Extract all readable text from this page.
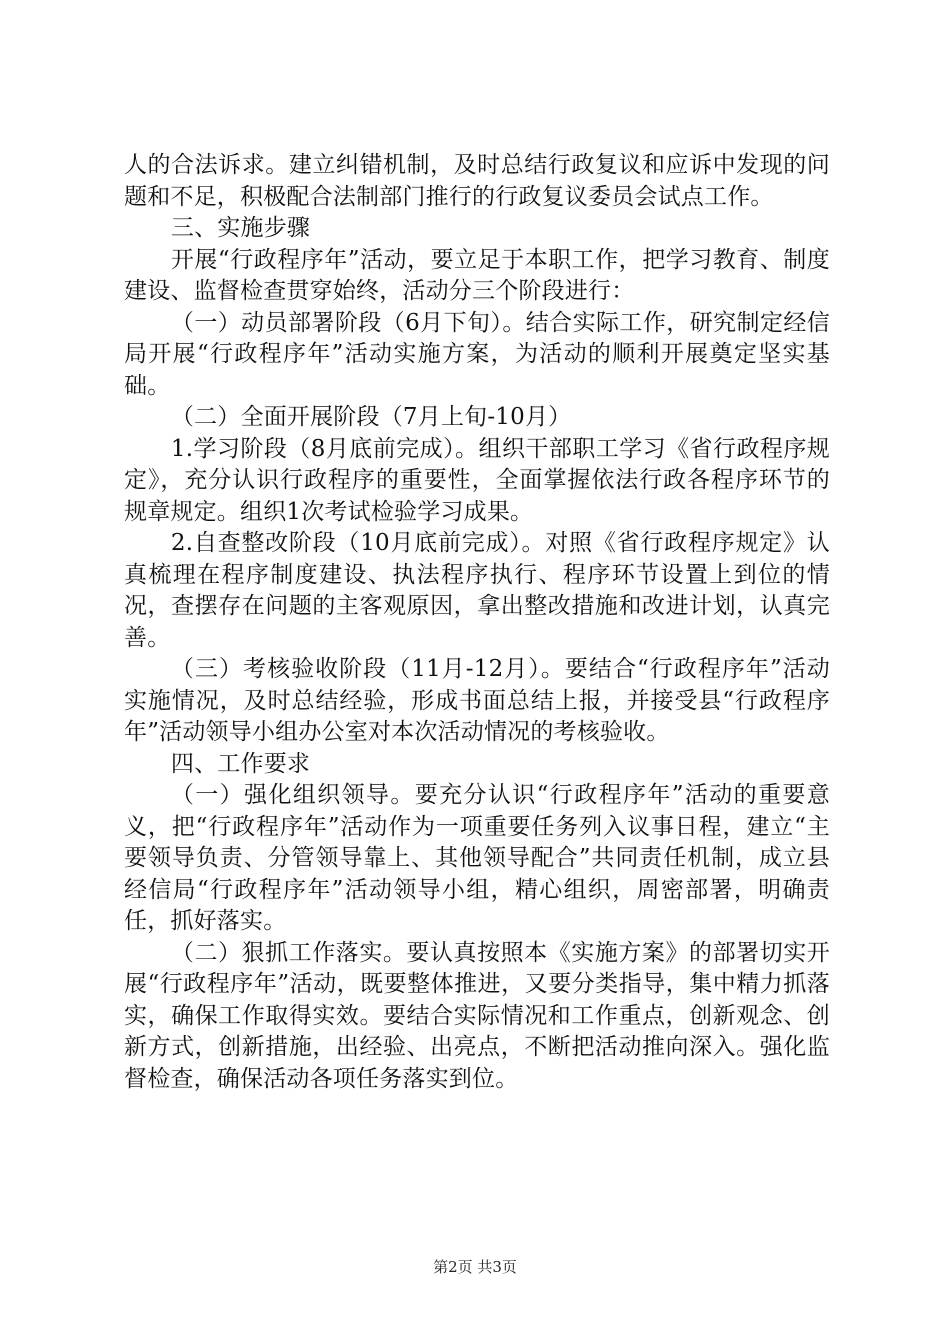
人的合法诉求。建立纠错机制，及时总结行政复议和应诉中发现的问题和不足，积极配合法制部门推行的行政复议委员会试点工作。

三、实施步骤

开展“行政程序年”活动，要立足于本职工作，把学习教育、制度建设、监督检查贯穿始终，活动分三个阶段进行：

（一）动员部署阶段（6月下旬）。结合实际工作，研究制定经信局开展“行政程序年”活动实施方案，为活动的顺利开展奠定坚实基础。

（二）全面开展阶段（7月上旬-10月）

1.学习阶段（8月底前完成）。组织干部职工学习《省行政程序规定》，充分认识行政程序的重要性，全面掌握依法行政各程序环节的规章规定。组织1次考试检验学习成果。

2.自查整改阶段（10月底前完成）。对照《省行政程序规定》认真梳理在程序制度建设、执法程序执行、程序环节设置上到位的情况，查摆存在问题的主客观原因，拿出整改措施和改进计划，认真完善。

（三）考核验收阶段（11月-12月）。要结合“行政程序年”活动实施情况，及时总结经验，形成书面总结上报，并接受县“行政程序年”活动领导小组办公室对本次活动情况的考核验收。

四、工作要求

（一）强化组织领导。要充分认识“行政程序年”活动的重要意义，把“行政程序年”活动作为一项重要任务列入议事日程，建立“主要领导负责、分管领导靠上、其他领导配合”共同责任机制，成立县经信局“行政程序年”活动领导小组，精心组织，周密部署，明确责任，抓好落实。

（二）狠抓工作落实。要认真按照本《实施方案》的部署切实开展“行政程序年”活动，既要整体推进，又要分类指导，集中精力抓落实，确保工作取得实效。要结合实际情况和工作重点，创新观念、创新方式，创新措施，出经验、出亮点，不断把活动推向深入。强化监督检查，确保活动各项任务落实到位。

第2页 共3页
